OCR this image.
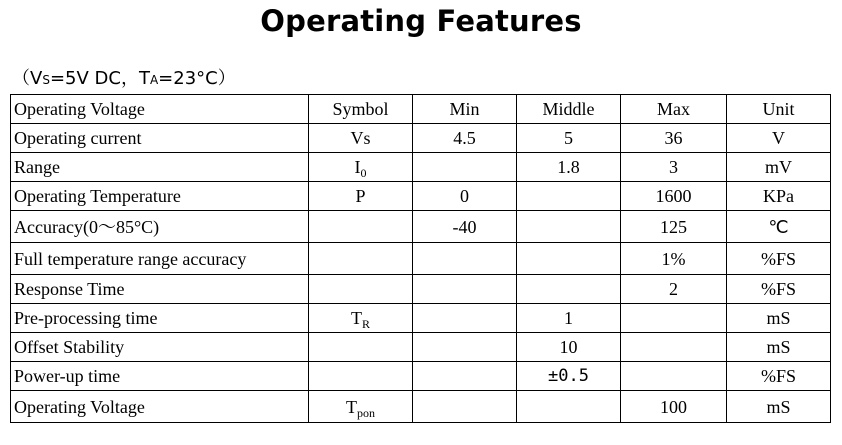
Operating Features
（VS=5V DC，TA=23°C）
Operating Voltage	Symbol	Min	Middle	Max	Unit
Operating current	Vs	4.5	5	36	V
Range	$I_0$		1.8	3	mV
Operating Temperature	P	0		1600	KPa
Accuracy(0～85°C)		-40		125	℃
Full temperature range accuracy				1%	%FS
Response Time				2	%FS
Pre-processing time	$T_R$		1		mS
Offset Stability			10		mS
Power-up time			±0.5		%FS
Operating Voltage	$T_{pon}$			100	mS
